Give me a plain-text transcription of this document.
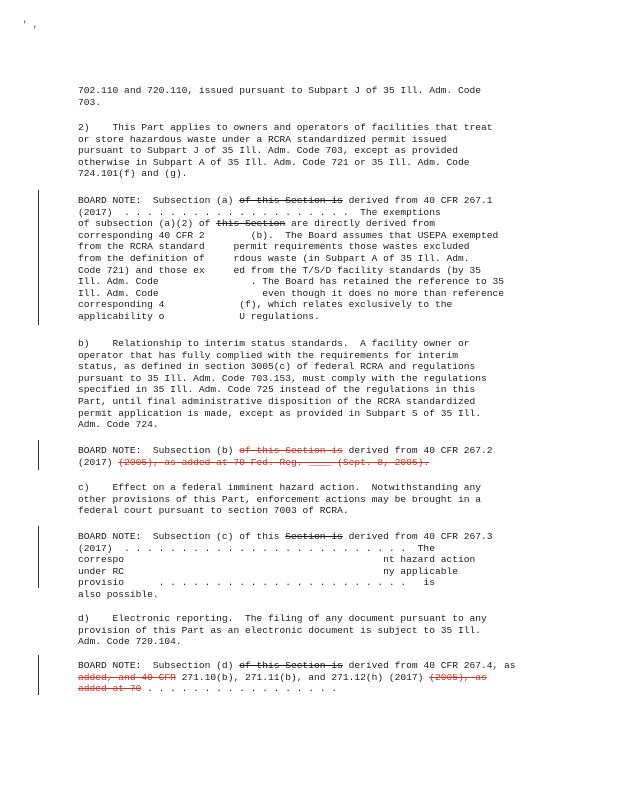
' ,
702.110 and 720.110, issued pursuant to Subpart J of 35 Ill. Adm. Code
703.
2)    This Part applies to owners and operators of facilities that treat
or store hazardous waste under a RCRA standardized permit issued
pursuant to Subpart J of 35 Ill. Adm. Code 703, except as provided
otherwise in Subpart A of 35 Ill. Adm. Code 721 or 35 Ill. Adm. Code
724.101(f) and (g).
BOARD NOTE:  Subsection (a) of this Section is derived from 40 CFR 267.1
(2017)  . . . . . . . . . . . . . . . . . . . .  The exemptions
of subsection (a)(2) of this Section are directly derived from
corresponding 40 CFR 2        (b).  The Board assumes that USEPA exempted
from the RCRA standard     permit requirements those wastes excluded
from the definition of     rdous waste (in Subpart A of 35 Ill. Adm.
Code 721) and those ex     ed from the T/S/D facility standards (by 35
Ill. Adm. Code                . The Board has retained the reference to 35
Ill. Adm. Code                  even though it does no more than reference
corresponding 4             (f), which relates exclusively to the
applicability o             U regulations.
b)    Relationship to interim status standards.  A facility owner or
operator that has fully complied with the requirements for interim
status, as defined in section 3005(c) of federal RCRA and regulations
pursuant to 35 Ill. Adm. Code 703.153, must comply with the regulations
specified in 35 Ill. Adm. Code 725 instead of the regulations in this
Part, until final administrative disposition of the RCRA standardized
permit application is made, except as provided in Subpart S of 35 Ill.
Adm. Code 724.
BOARD NOTE:  Subsection (b) of this Section is derived from 40 CFR 267.2
(2017) (2005), as added at 70 Fed. Reg. ____ (Sept. 8, 2005).
c)    Effect on a federal imminent hazard action.  Notwithstanding any
other provisions of this Part, enforcement actions may be brought in a
federal court pursuant to section 7003 of RCRA.
BOARD NOTE:  Subsection (c) of this Section is derived from 40 CFR 267.3
(2017)  . . . . . . . . . . . . . . . . . . . . . . . . .  The
correspo                                             nt hazard action
under RC                                             ny applicable
provisio      . . . . . . . . . . . . . . . . . . . . . .   is
also possible.
d)    Electronic reporting.  The filing of any document pursuant to any
provision of this Part as an electronic document is subject to 35 Ill.
Adm. Code 720.104.
BOARD NOTE:  Subsection (d) of this Section is derived from 40 CFR 267.4, as
added, and 40 CFR 271.10(b), 271.11(b), and 271.12(h) (2017) (2005), as
added at 70 . . . . . . . . . . . . . . . . .
